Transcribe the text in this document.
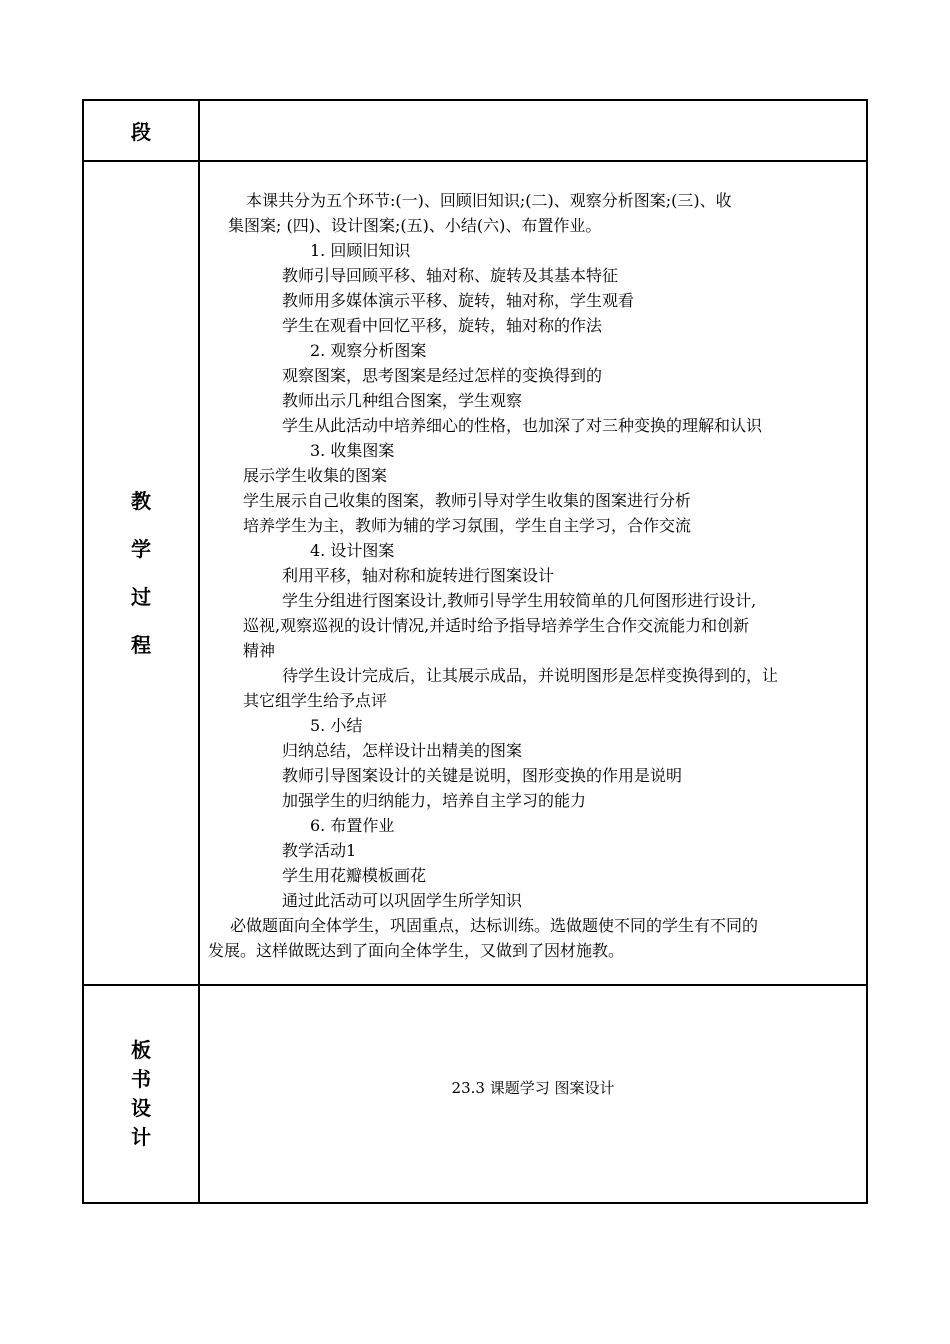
段
教
学
过
程
本课共分为五个环节:(一)、回顾旧知识;(二)、观察分析图案;(三)、收
集图案; (四)、设计图案;(五)、小结(六)、布置作业。
1. 回顾旧知识
教师引导回顾平移、轴对称、旋转及其基本特征
教师用多媒体演示平移、旋转，轴对称，学生观看
学生在观看中回忆平移，旋转，轴对称的作法
2. 观察分析图案
观察图案，思考图案是经过怎样的变换得到的
教师出示几种组合图案，学生观察
学生从此活动中培养细心的性格，也加深了对三种变换的理解和认识
3. 收集图案
展示学生收集的图案
学生展示自己收集的图案，教师引导对学生收集的图案进行分析
培养学生为主，教师为辅的学习氛围，学生自主学习，合作交流
4. 设计图案
利用平移，轴对称和旋转进行图案设计
学生分组进行图案设计,教师引导学生用较简单的几何图形进行设计,
巡视,观察巡视的设计情况,并适时给予指导培养学生合作交流能力和创新
精神
待学生设计完成后，让其展示成品，并说明图形是怎样变换得到的，让
其它组学生给予点评
5. 小结
归纳总结，怎样设计出精美的图案
教师引导图案设计的关键是说明，图形变换的作用是说明
加强学生的归纳能力，培养自主学习的能力
6. 布置作业
教学活动1
学生用花瓣模板画花
通过此活动可以巩固学生所学知识
必做题面向全体学生，巩固重点，达标训练。选做题使不同的学生有不同的
发展。这样做既达到了面向全体学生，又做到了因材施教。
板
书
设
计
23.3 课题学习 图案设计
